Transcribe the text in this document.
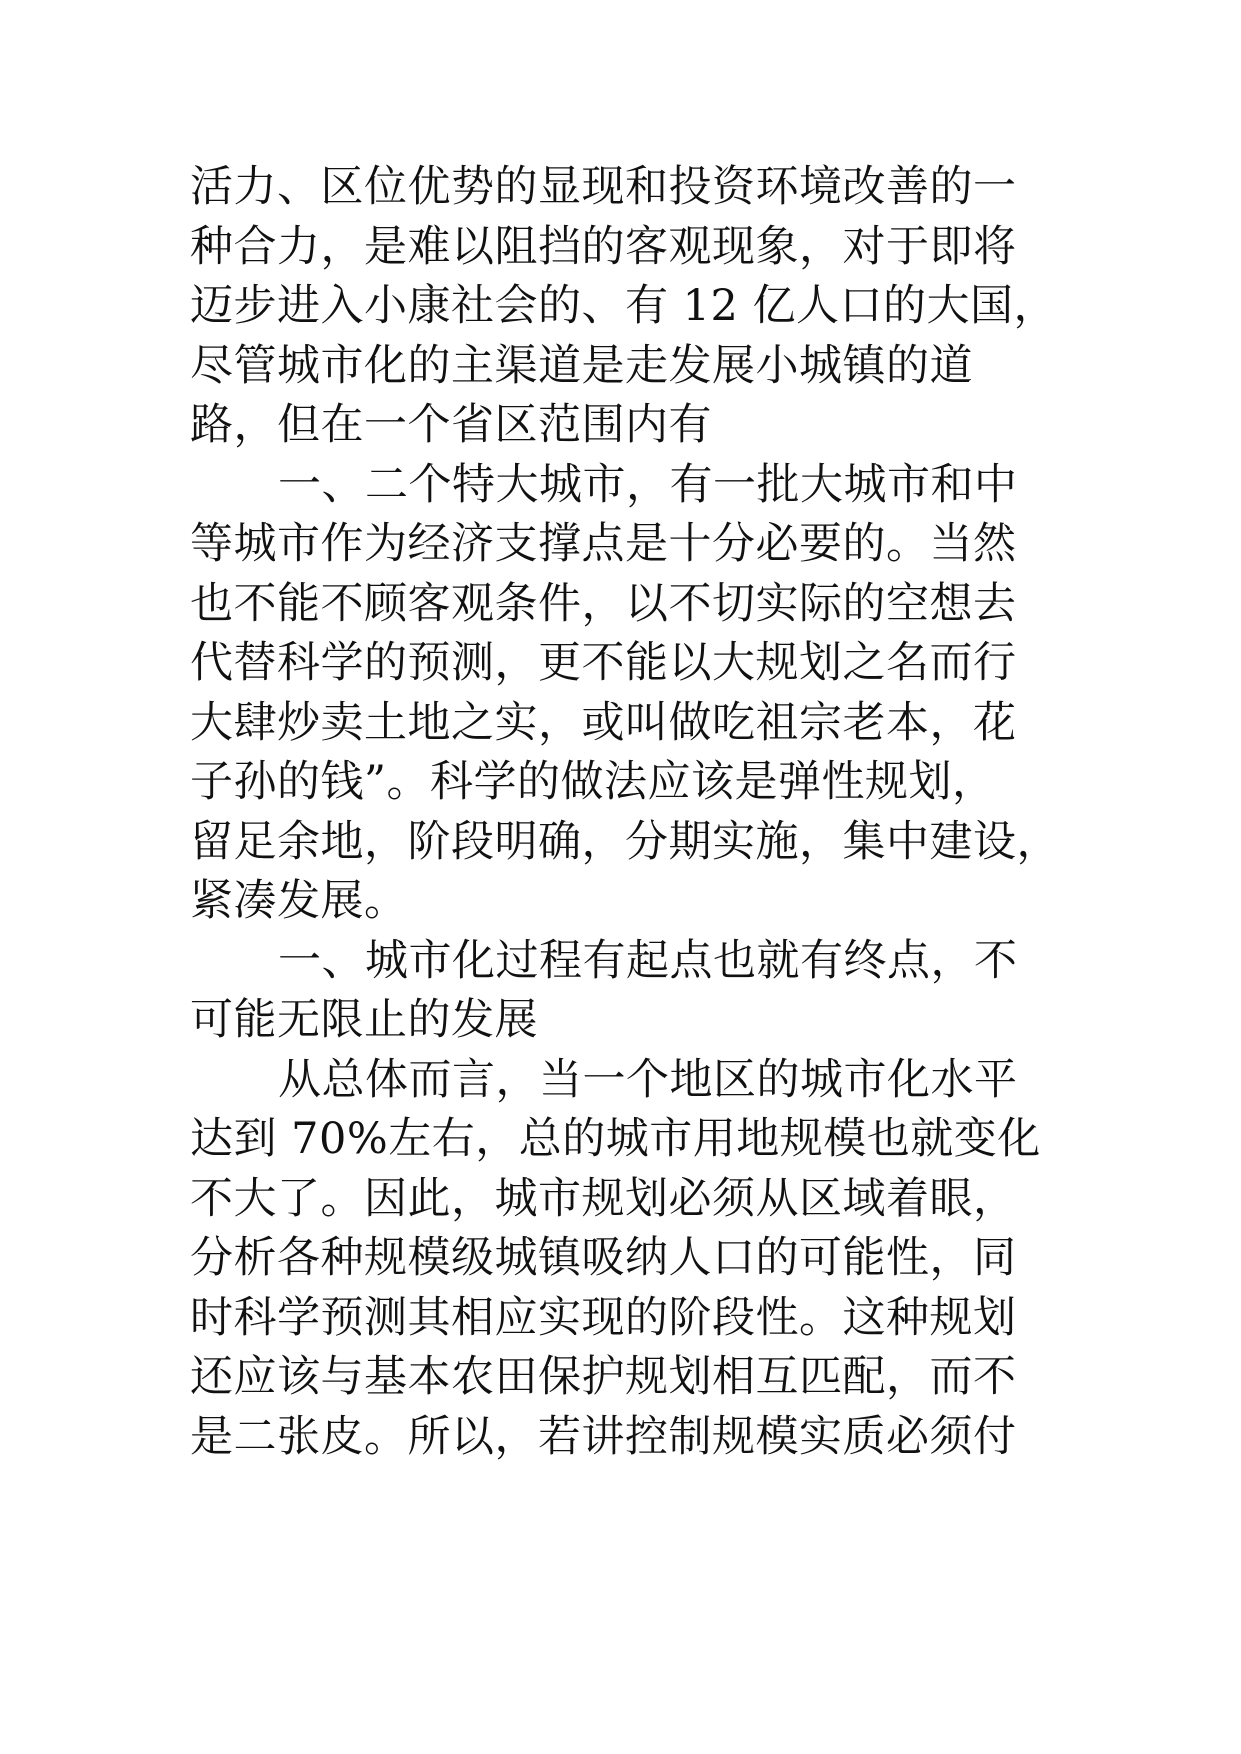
活力、区位优势的显现和投资环境改善的一
种合力，是难以阻挡的客观现象，对于即将
迈步进入小康社会的、有 12 亿人口的大国，
尽管城市化的主渠道是走发展小城镇的道
路，但在一个省区范围内有
一、二个特大城市，有一批大城市和中
等城市作为经济支撑点是十分必要的。当然
也不能不顾客观条件，以不切实际的空想去
代替科学的预测，更不能以大规划之名而行
大肆炒卖土地之实，或叫做吃祖宗老本，花
子孙的钱”。科学的做法应该是弹性规划，
留足余地，阶段明确，分期实施，集中建设，
紧凑发展。
一、城市化过程有起点也就有终点，不
可能无限止的发展
从总体而言，当一个地区的城市化水平
达到 70%左右，总的城市用地规模也就变化
不大了。因此，城市规划必须从区域着眼，
分析各种规模级城镇吸纳人口的可能性，同
时科学预测其相应实现的阶段性。这种规划
还应该与基本农田保护规划相互匹配，而不
是二张皮。所以，若讲控制规模实质必须付
